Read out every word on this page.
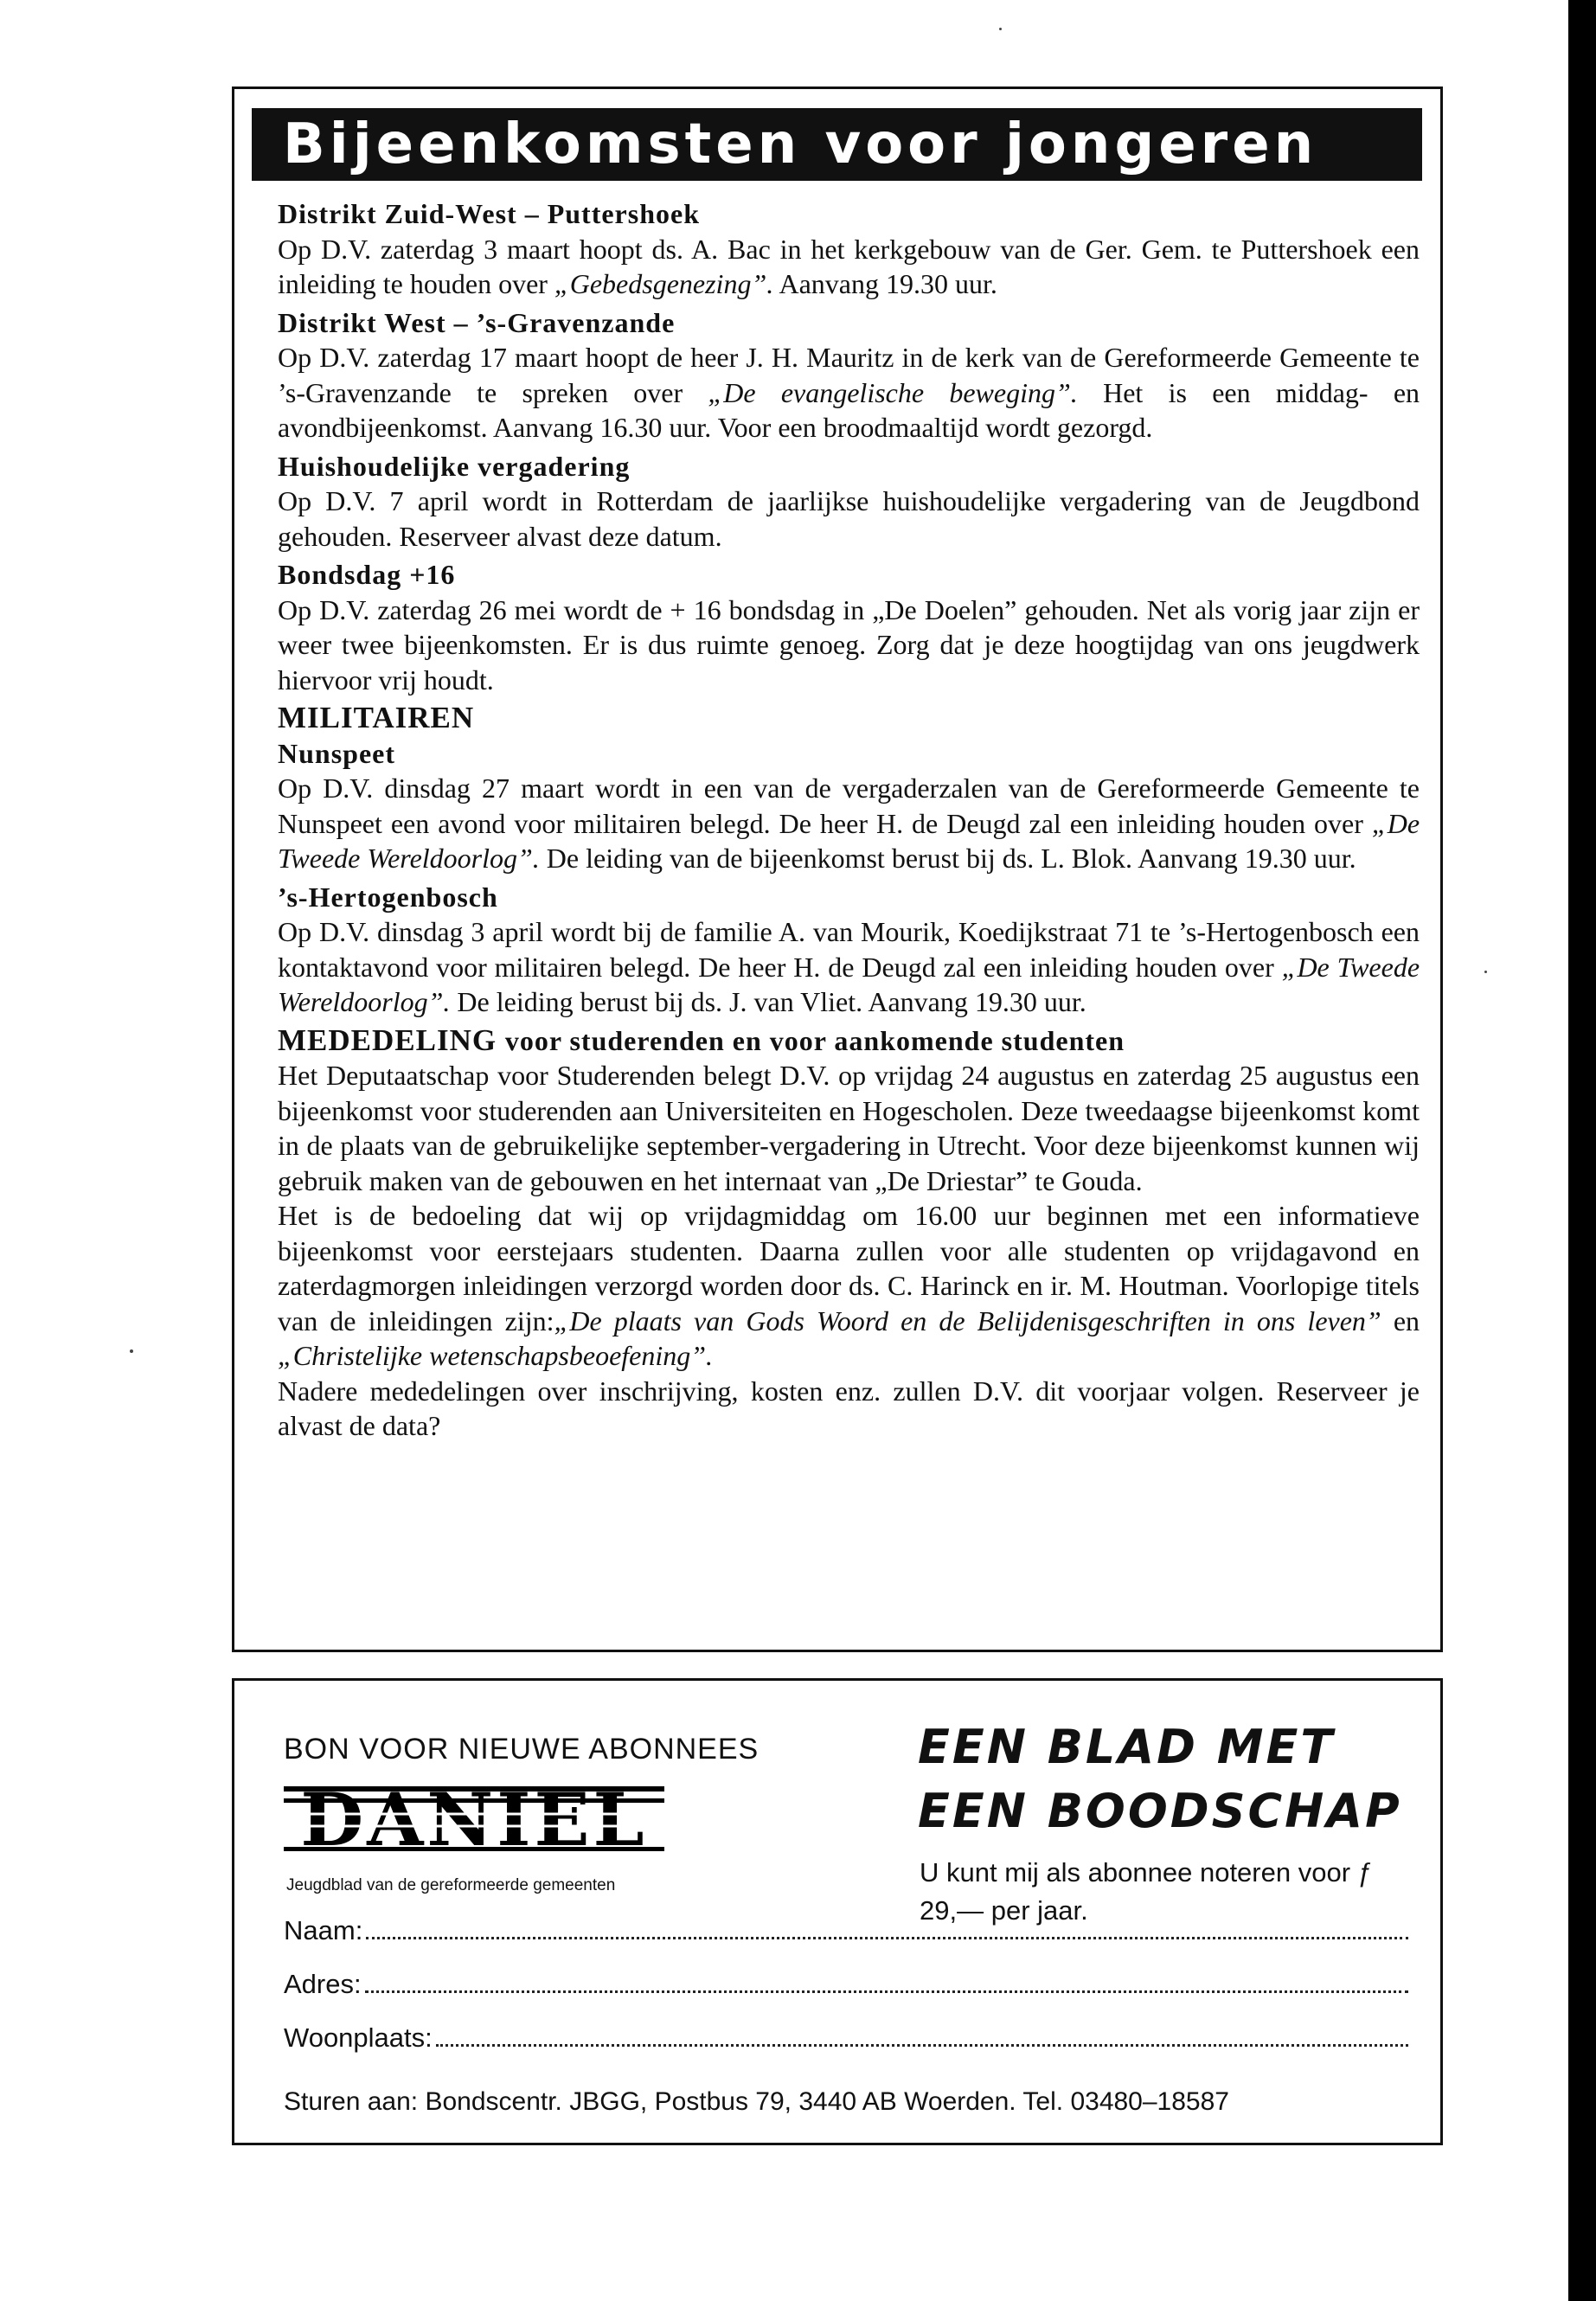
Bijeenkomsten voor jongeren

Distrikt Zuid-West – Puttershoek

Op D.V. zaterdag 3 maart hoopt ds. A. Bac in het kerkgebouw van de Ger. Gem. te Puttershoek een inleiding te houden over „Gebedsgenezing”. Aanvang 19.30 uur.

Distrikt West – ’s-Gravenzande

Op D.V. zaterdag 17 maart hoopt de heer J. H. Mauritz in de kerk van de Gereformeerde Gemeente te ’s-Gravenzande te spreken over „De evangelische beweging”. Het is een middag- en avondbijeenkomst. Aanvang 16.30 uur. Voor een broodmaaltijd wordt gezorgd.

Huishoudelijke vergadering

Op D.V. 7 april wordt in Rotterdam de jaarlijkse huishoudelijke vergadering van de Jeugdbond gehouden. Reserveer alvast deze datum.

Bondsdag +16

Op D.V. zaterdag 26 mei wordt de + 16 bondsdag in „De Doelen” gehouden. Net als vorig jaar zijn er weer twee bijeenkomsten. Er is dus ruimte genoeg. Zorg dat je deze hoogtijdag van ons jeugdwerk hiervoor vrij houdt.

MILITAIREN

Nunspeet

Op D.V. dinsdag 27 maart wordt in een van de vergaderzalen van de Gereformeerde Gemeente te Nunspeet een avond voor militairen belegd. De heer H. de Deugd zal een inleiding houden over „De Tweede Wereldoorlog”. De leiding van de bijeenkomst berust bij ds. L. Blok. Aanvang 19.30 uur.

’s-Hertogenbosch

Op D.V. dinsdag 3 april wordt bij de familie A. van Mourik, Koedijkstraat 71 te ’s-Hertogenbosch een kontaktavond voor militairen belegd. De heer H. de Deugd zal een inleiding houden over „De Tweede Wereldoorlog”. De leiding berust bij ds. J. van Vliet. Aanvang 19.30 uur.

MEDEDELING voor studerenden en voor aankomende studenten

Het Deputaatschap voor Studerenden belegt D.V. op vrijdag 24 augustus en zaterdag 25 augustus een bijeenkomst voor studerenden aan Universiteiten en Hogescholen. Deze tweedaagse bijeenkomst komt in de plaats van de gebruikelijke september-vergadering in Utrecht. Voor deze bijeenkomst kunnen wij gebruik maken van de gebouwen en het internaat van „De Driestar” te Gouda.

Het is de bedoeling dat wij op vrijdagmiddag om 16.00 uur beginnen met een informatieve bijeenkomst voor eerstejaars studenten. Daarna zullen voor alle studenten op vrijdagavond en zaterdagmorgen inleidingen verzorgd worden door ds. C. Harinck en ir. M. Houtman. Voorlopige titels van de inleidingen zijn:„De plaats van Gods Woord en de Belijdenisgeschriften in ons leven” en „Christelijke wetenschapsbeoefening”.

Nadere mededelingen over inschrijving, kosten enz. zullen D.V. dit voorjaar volgen. Reserveer je alvast de data?

BON VOOR NIEUWE ABONNEES
DANIEL
Jeugdblad van de gereformeerde gemeenten
EEN BLAD MET
EEN BOODSCHAP
U kunt mij als abonnee noteren voor ƒ 29,— per jaar.
Naam:
Adres:
Woonplaats:
Sturen aan: Bondscentr. JBGG, Postbus 79, 3440 AB Woerden. Tel. 03480–18587
